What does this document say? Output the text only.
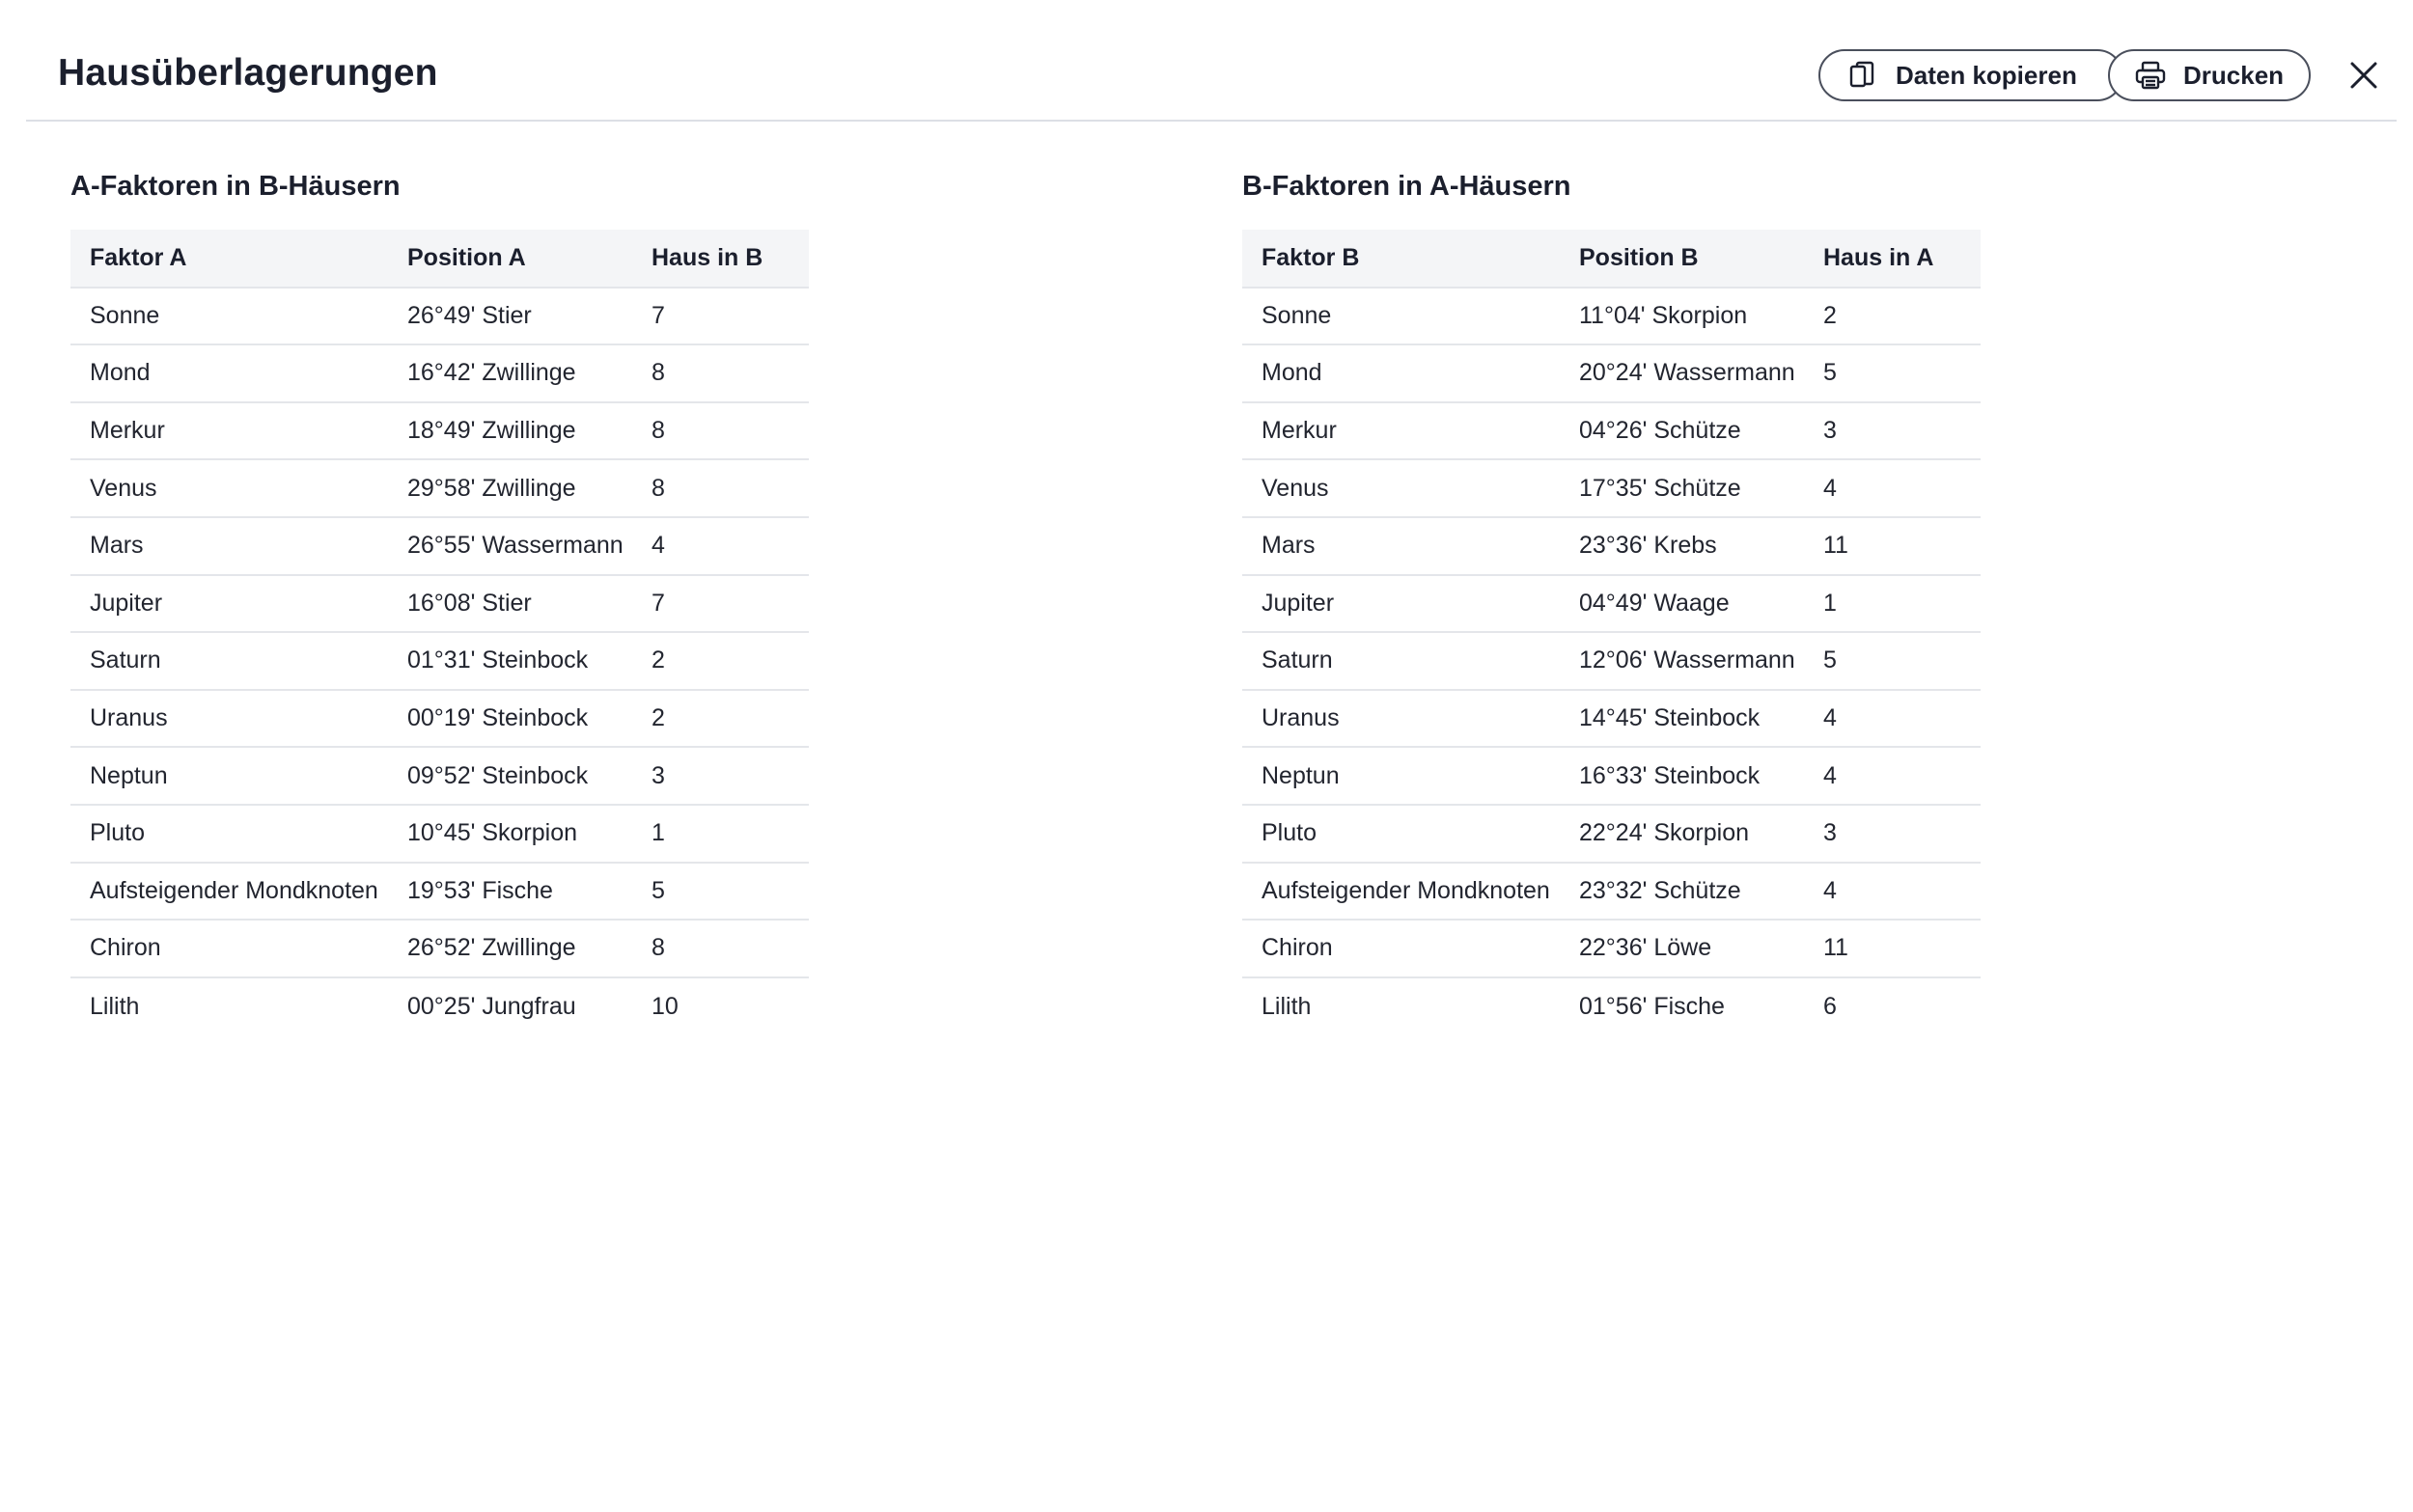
Hausüberlagerungen	Daten kopieren	Drucken
A-Faktoren in B-Häusern
Faktor A	Position A	Haus in B
Sonne	26°49' Stier	7
Mond	16°42' Zwillinge	8
Merkur	18°49' Zwillinge	8
Venus	29°58' Zwillinge	8
Mars	26°55' Wassermann	4
Jupiter	16°08' Stier	7
Saturn	01°31' Steinbock	2
Uranus	00°19' Steinbock	2
Neptun	09°52' Steinbock	3
Pluto	10°45' Skorpion	1
Aufsteigender Mondknoten	19°53' Fische	5
Chiron	26°52' Zwillinge	8
Lilith	00°25' Jungfrau	10
B-Faktoren in A-Häusern
Faktor B	Position B	Haus in A
Sonne	11°04' Skorpion	2
Mond	20°24' Wassermann	5
Merkur	04°26' Schütze	3
Venus	17°35' Schütze	4
Mars	23°36' Krebs	11
Jupiter	04°49' Waage	1
Saturn	12°06' Wassermann	5
Uranus	14°45' Steinbock	4
Neptun	16°33' Steinbock	4
Pluto	22°24' Skorpion	3
Aufsteigender Mondknoten	23°32' Schütze	4
Chiron	22°36' Löwe	11
Lilith	01°56' Fische	6
